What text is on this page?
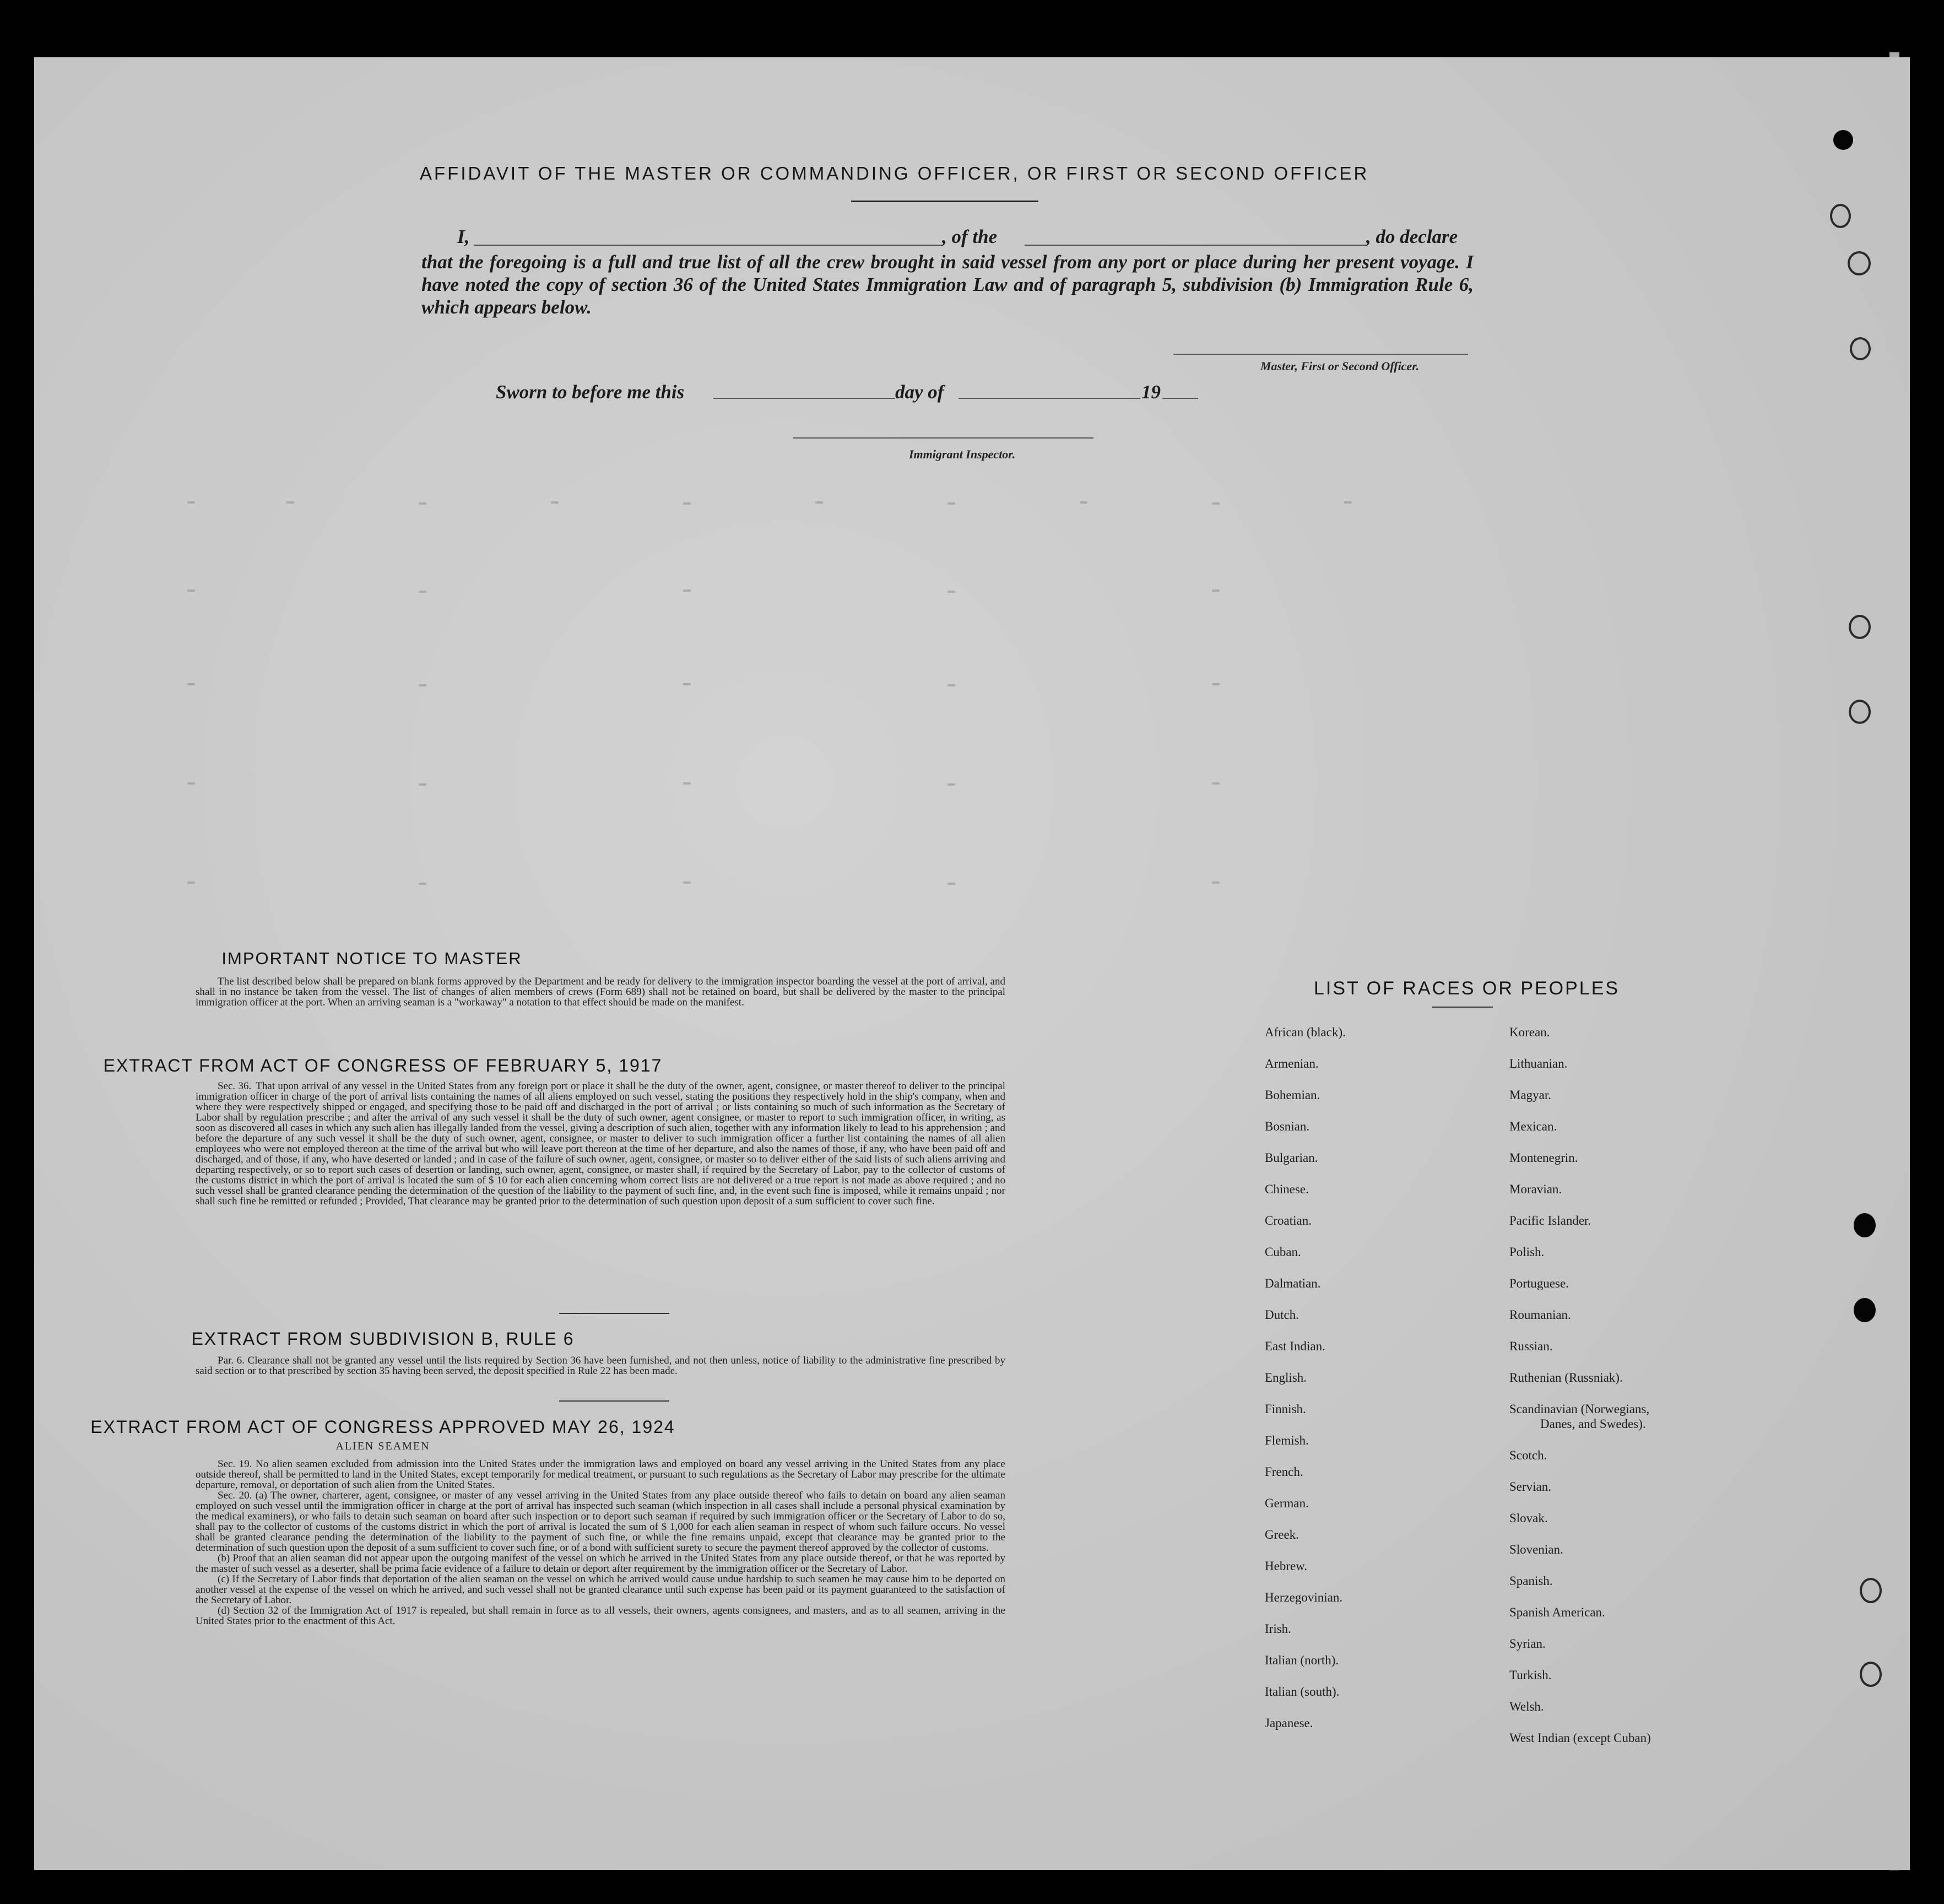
AFFIDAVIT OF THE MASTER OR COMMANDING OFFICER, OR FIRST OR SECOND OFFICER
I,	, of the	, do declare
that the foregoing is a full and true list of all the crew brought in said vessel from any port or place during her present voyage. I have noted the copy of section 36 of the United States Immigration Law and of paragraph 5, subdivision (b) Immigration Rule 6, which appears below.
Master, First or Second Officer.
Sworn to before me this	day of	19
Immigrant Inspector.
IMPORTANT NOTICE TO MASTER
The list described below shall be prepared on blank forms approved by the Department and be ready for delivery to the immigration inspector boarding the vessel at the port of arrival, and shall in no instance be taken from the vessel. The list of changes of alien members of crews (Form 689) shall not be retained on board, but shall be delivered by the master to the principal immigration officer at the port. When an arriving seaman is a "workaway" a notation to that effect should be made on the manifest.
EXTRACT FROM ACT OF CONGRESS OF FEBRUARY 5, 1917
Sec. 36. That upon arrival of any vessel in the United States from any foreign port or place it shall be the duty of the owner, agent, consignee, or master thereof to deliver to the principal immigration officer in charge of the port of arrival lists containing the names of all aliens employed on such vessel, stating the positions they respectively hold in the ship's company, when and where they were respectively shipped or engaged, and specifying those to be paid off and discharged in the port of arrival ; or lists containing so much of such information as the Secretary of Labor shall by regulation prescribe ; and after the arrival of any such vessel it shall be the duty of such owner, agent consignee, or master to report to such immigration officer, in writing, as soon as discovered all cases in which any such alien has illegally landed from the vessel, giving a description of such alien, together with any information likely to lead to his apprehension ; and before the departure of any such vessel it shall be the duty of such owner, agent, consignee, or master to deliver to such immigration officer a further list containing the names of all alien employees who were not employed thereon at the time of the arrival but who will leave port thereon at the time of her departure, and also the names of those, if any, who have been paid off and discharged, and of those, if any, who have deserted or landed ; and in case of the failure of such owner, agent, consignee, or master so to deliver either of the said lists of such aliens arriving and departing respectively, or so to report such cases of desertion or landing, such owner, agent, consignee, or master shall, if required by the Secretary of Labor, pay to the collector of customs of the customs district in which the port of arrival is located the sum of $ 10 for each alien concerning whom correct lists are not delivered or a true report is not made as above required ; and no such vessel shall be granted clearance pending the determination of the question of the liability to the payment of such fine, and, in the event such fine is imposed, while it remains unpaid ; nor shall such fine be remitted or refunded ; Provided, That clearance may be granted prior to the determination of such question upon deposit of a sum sufficient to cover such fine.
EXTRACT FROM SUBDIVISION B, RULE 6
Par. 6. Clearance shall not be granted any vessel until the lists required by Section 36 have been furnished, and not then unless, notice of liability to the administrative fine prescribed by said section or to that prescribed by section 35 having been served, the deposit specified in Rule 22 has been made.
EXTRACT FROM ACT OF CONGRESS APPROVED MAY 26, 1924
ALIEN SEAMEN
Sec. 19. No alien seamen excluded from admission into the United States under the immigration laws and employed on board any vessel arriving in the United States from any place outside thereof, shall be permitted to land in the United States, except temporarily for medical treatment, or pursuant to such regulations as the Secretary of Labor may prescribe for the ultimate departure, removal, or deportation of such alien from the United States.
Sec. 20. (a) The owner, charterer, agent, consignee, or master of any vessel arriving in the United States from any place outside thereof who fails to detain on board any alien seaman employed on such vessel until the immigration officer in charge at the port of arrival has inspected such seaman (which inspection in all cases shall include a personal physical examination by the medical examiners), or who fails to detain such seaman on board after such inspection or to deport such seaman if required by such immigration officer or the Secretary of Labor to do so, shall pay to the collector of customs of the customs district in which the port of arrival is located the sum of $ 1,000 for each alien seaman in respect of whom such failure occurs. No vessel shall be granted clearance pending the determination of the liability to the payment of such fine, or while the fine remains unpaid, except that clearance may be granted prior to the determination of such question upon the deposit of a sum sufficient to cover such fine, or of a bond with sufficient surety to secure the payment thereof approved by the collector of customs.
(b) Proof that an alien seaman did not appear upon the outgoing manifest of the vessel on which he arrived in the United States from any place outside thereof, or that he was reported by the master of such vessel as a deserter, shall be prima facie evidence of a failure to detain or deport after requirement by the immigration officer or the Secretary of Labor.
(c) If the Secretary of Labor finds that deportation of the alien seaman on the vessel on which he arrived would cause undue hardship to such seamen he may cause him to be deported on another vessel at the expense of the vessel on which he arrived, and such vessel shall not be granted clearance until such expense has been paid or its payment guaranteed to the satisfaction of the Secretary of Labor.
(d) Section 32 of the Immigration Act of 1917 is repealed, but shall remain in force as to all vessels, their owners, agents consignees, and masters, and as to all seamen, arriving in the United States prior to the enactment of this Act.
LIST OF RACES OR PEOPLES
African (black).
Armenian.
Bohemian.
Bosnian.
Bulgarian.
Chinese.
Croatian.
Cuban.
Dalmatian.
Dutch.
East Indian.
English.
Finnish.
Flemish.
French.
German.
Greek.
Hebrew.
Herzegovinian.
Irish.
Italian (north).
Italian (south).
Japanese.
Korean.
Lithuanian.
Magyar.
Mexican.
Montenegrin.
Moravian.
Pacific Islander.
Polish.
Portuguese.
Roumanian.
Russian.
Ruthenian (Russniak).
Scandinavian (Norwegians,
Danes, and Swedes).
Scotch.
Servian.
Slovak.
Slovenian.
Spanish.
Spanish American.
Syrian.
Turkish.
Welsh.
West Indian (except Cuban)
